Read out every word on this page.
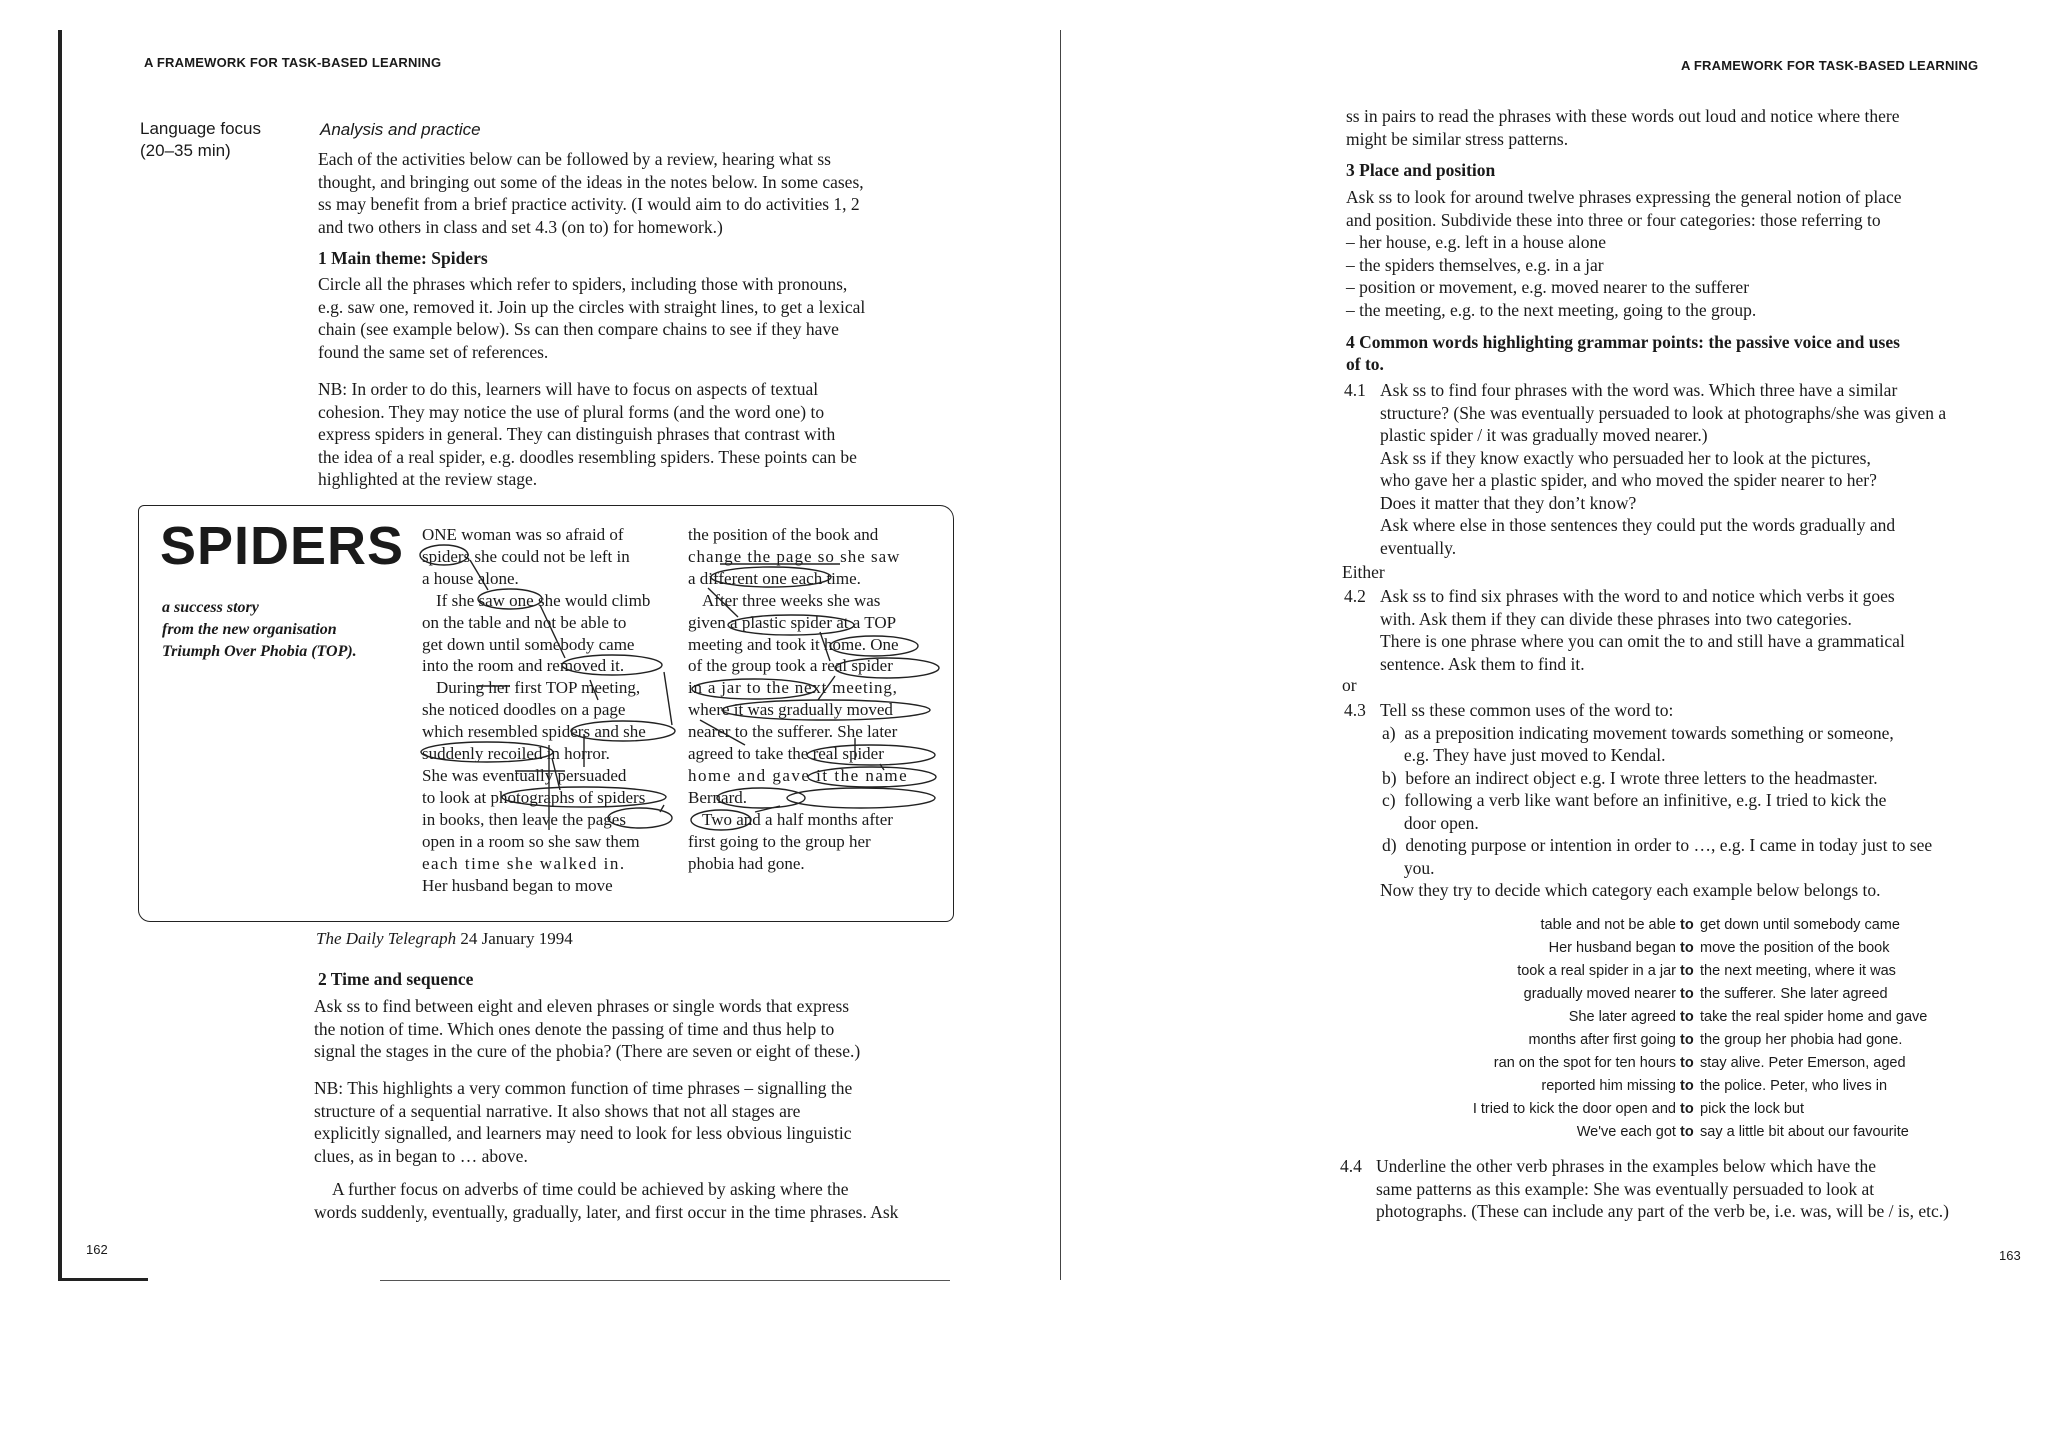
A FRAMEWORK FOR TASK-BASED LEARNING
Language focus
(20–35 min)
Analysis and practice
Each of the activities below can be followed by a review, hearing what ss
thought, and bringing out some of the ideas in the notes below. In some cases,
ss may benefit from a brief practice activity. (I would aim to do activities 1, 2
and two others in class and set 4.3 (on to) for homework.)
1 Main theme: Spiders
Circle all the phrases which refer to spiders, including those with pronouns,
e.g. saw one, removed it. Join up the circles with straight lines, to get a lexical
chain (see example below). Ss can then compare chains to see if they have
found the same set of references.
NB: In order to do this, learners will have to focus on aspects of textual
cohesion. They may notice the use of plural forms (and the word one) to
express spiders in general. They can distinguish phrases that contrast with
the idea of a real spider, e.g. doodles resembling spiders. These points can be
highlighted at the review stage.
SPIDERS
a success story
from the new organisation
Triumph Over Phobia (TOP).
ONE woman was so afraid of
spiders she could not be left in
a house alone.
If she saw one she would climb
on the table and not be able to
get down until somebody came
into the room and removed it.
During her first TOP meeting,
she noticed doodles on a page
which resembled spiders and she
suddenly recoiled in horror.
She was eventually persuaded
to look at photographs of spiders
in books, then leave the pages
open in a room so she saw them
each time she walked in.
Her husband began to move
the position of the book and
change the page so she saw
a different one each time.
After three weeks she was
given a plastic spider at a TOP
meeting and took it home. One
of the group took a real spider
in a jar to the next meeting,
where it was gradually moved
nearer to the sufferer. She later
agreed to take the real spider
home and gave it the name
Bernard.
Two and a half months after
first going to the group her
phobia had gone.
The Daily Telegraph 24 January 1994
2 Time and sequence
Ask ss to find between eight and eleven phrases or single words that express
the notion of time. Which ones denote the passing of time and thus help to
signal the stages in the cure of the phobia? (There are seven or eight of these.)
NB: This highlights a very common function of time phrases – signalling the
structure of a sequential narrative. It also shows that not all stages are
explicitly signalled, and learners may need to look for less obvious linguistic
clues, as in began to … above.
A further focus on adverbs of time could be achieved by asking where the
words suddenly, eventually, gradually, later, and first occur in the time phrases. Ask
162
A FRAMEWORK FOR TASK-BASED LEARNING
ss in pairs to read the phrases with these words out loud and notice where there
might be similar stress patterns.
3 Place and position
Ask ss to look for around twelve phrases expressing the general notion of place
and position. Subdivide these into three or four categories: those referring to
– her house, e.g. left in a house alone
– the spiders themselves, e.g. in a jar
– position or movement, e.g. moved nearer to the sufferer
– the meeting, e.g. to the next meeting, going to the group.
4 Common words highlighting grammar points: the passive voice and uses
of to.
4.1 Ask ss to find four phrases with the word was. Which three have a similar
structure? (She was eventually persuaded to look at photographs/she was given a
plastic spider / it was gradually moved nearer.)
Ask ss if they know exactly who persuaded her to look at the pictures,
who gave her a plastic spider, and who moved the spider nearer to her?
Does it matter that they don’t know?
Ask where else in those sentences they could put the words gradually and
eventually.
Either
4.2 Ask ss to find six phrases with the word to and notice which verbs it goes
with. Ask them if they can divide these phrases into two categories.
There is one phrase where you can omit the to and still have a grammatical
sentence. Ask them to find it.
or
4.3 Tell ss these common uses of the word to:
a)  as a preposition indicating movement towards something or someone,
e.g. They have just moved to Kendal.
b)  before an indirect object e.g. I wrote three letters to the headmaster.
c)  following a verb like want before an infinitive, e.g. I tried to kick the
door open.
d)  denoting purpose or intention in order to …, e.g. I came in today just to see
you.
Now they try to decide which category each example below belongs to.
table and not be able to get down until somebody came
Her husband began to move the position of the book
took a real spider in a jar to the next meeting, where it was
gradually moved nearer to the sufferer. She later agreed
She later agreed to take the real spider home and gave
months after first going to the group her phobia had gone.
ran on the spot for ten hours to stay alive. Peter Emerson, aged
reported him missing to the police. Peter, who lives in
I tried to kick the door open and to pick the lock but
We've each got to say a little bit about our favourite
4.4 Underline the other verb phrases in the examples below which have the
same patterns as this example: She was eventually persuaded to look at
photographs. (These can include any part of the verb be, i.e. was, will be / is, etc.)
163
